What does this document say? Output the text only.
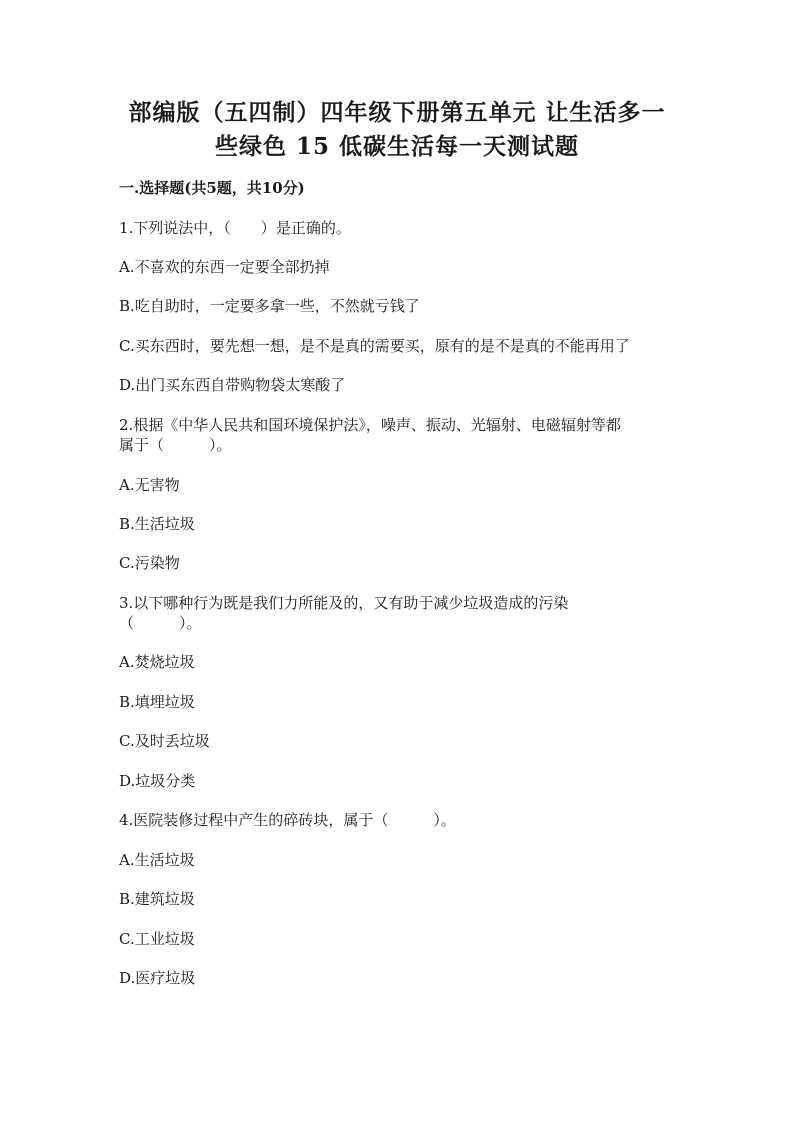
部编版（五四制）四年级下册第五单元 让生活多一
些绿色 15 低碳生活每一天测试题
一.选择题(共5题，共10分)
1.下列说法中，（　　）是正确的。
A.不喜欢的东西一定要全部扔掉
B.吃自助时，一定要多拿一些，不然就亏钱了
C.买东西时，要先想一想，是不是真的需要买，原有的是不是真的不能再用了
D.出门买东西自带购物袋太寒酸了
2.根据《中华人民共和国环境保护法》，噪声、振动、光辐射、电磁辐射等都
属于（　　　）。
A.无害物
B.生活垃圾
C.污染物
3.以下哪种行为既是我们力所能及的，又有助于减少垃圾造成的污染
（　　　）。
A.焚烧垃圾
B.填埋垃圾
C.及时丢垃圾
D.垃圾分类
4.医院装修过程中产生的碎砖块，属于（　　　）。
A.生活垃圾
B.建筑垃圾
C.工业垃圾
D.医疗垃圾
